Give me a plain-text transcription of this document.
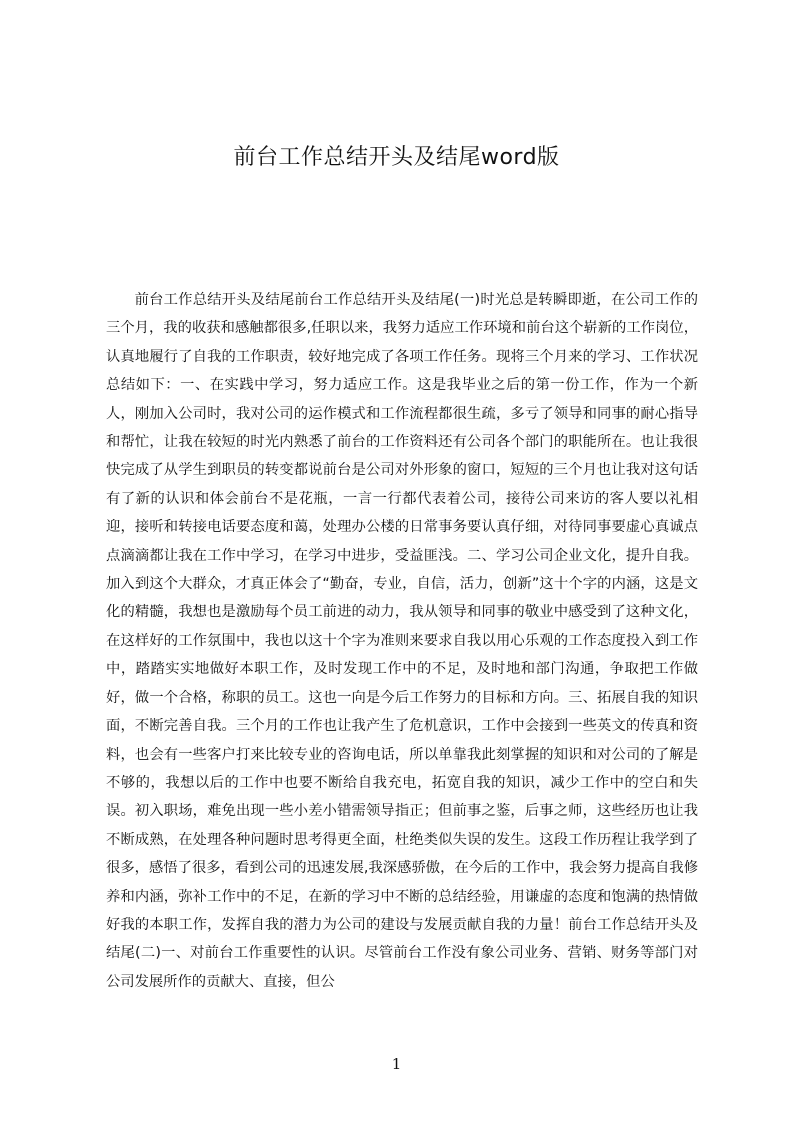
前台工作总结开头及结尾word版

前台工作总结开头及结尾前台工作总结开头及结尾(一)时光总是转瞬即逝，在公司工作的三个月，我的收获和感触都很多,任职以来，我努力适应工作环境和前台这个崭新的工作岗位，认真地履行了自我的工作职责，较好地完成了各项工作任务。现将三个月来的学习、工作状况总结如下：一、在实践中学习，努力适应工作。这是我毕业之后的第一份工作，作为一个新人，刚加入公司时，我对公司的运作模式和工作流程都很生疏，多亏了领导和同事的耐心指导和帮忙，让我在较短的时光内熟悉了前台的工作资料还有公司各个部门的职能所在。也让我很快完成了从学生到职员的转变都说前台是公司对外形象的窗口，短短的三个月也让我对这句话有了新的认识和体会前台不是花瓶，一言一行都代表着公司，接待公司来访的客人要以礼相迎，接听和转接电话要态度和蔼，处理办公楼的日常事务要认真仔细，对待同事要虚心真诚点点滴滴都让我在工作中学习，在学习中进步，受益匪浅。二、学习公司企业文化，提升自我。加入到这个大群众，才真正体会了“勤奋，专业，自信，活力，创新”这十个字的内涵，这是文化的精髓，我想也是激励每个员工前进的动力，我从领导和同事的敬业中感受到了这种文化，在这样好的工作氛围中，我也以这十个字为准则来要求自我以用心乐观的工作态度投入到工作中，踏踏实实地做好本职工作，及时发现工作中的不足，及时地和部门沟通，争取把工作做好，做一个合格，称职的员工。这也一向是今后工作努力的目标和方向。三、拓展自我的知识面，不断完善自我。三个月的工作也让我产生了危机意识，工作中会接到一些英文的传真和资料，也会有一些客户打来比较专业的咨询电话，所以单靠我此刻掌握的知识和对公司的了解是不够的，我想以后的工作中也要不断给自我充电，拓宽自我的知识，减少工作中的空白和失误。初入职场，难免出现一些小差小错需领导指正；但前事之鉴，后事之师，这些经历也让我不断成熟，在处理各种问题时思考得更全面，杜绝类似失误的发生。这段工作历程让我学到了很多，感悟了很多，看到公司的迅速发展,我深感骄傲，在今后的工作中，我会努力提高自我修养和内涵，弥补工作中的不足，在新的学习中不断的总结经验，用谦虚的态度和饱满的热情做好我的本职工作，发挥自我的潜力为公司的建设与发展贡献自我的力量！前台工作总结开头及结尾(二)一、对前台工作重要性的认识。尽管前台工作没有象公司业务、营销、财务等部门对公司发展所作的贡献大、直接，但公

1
